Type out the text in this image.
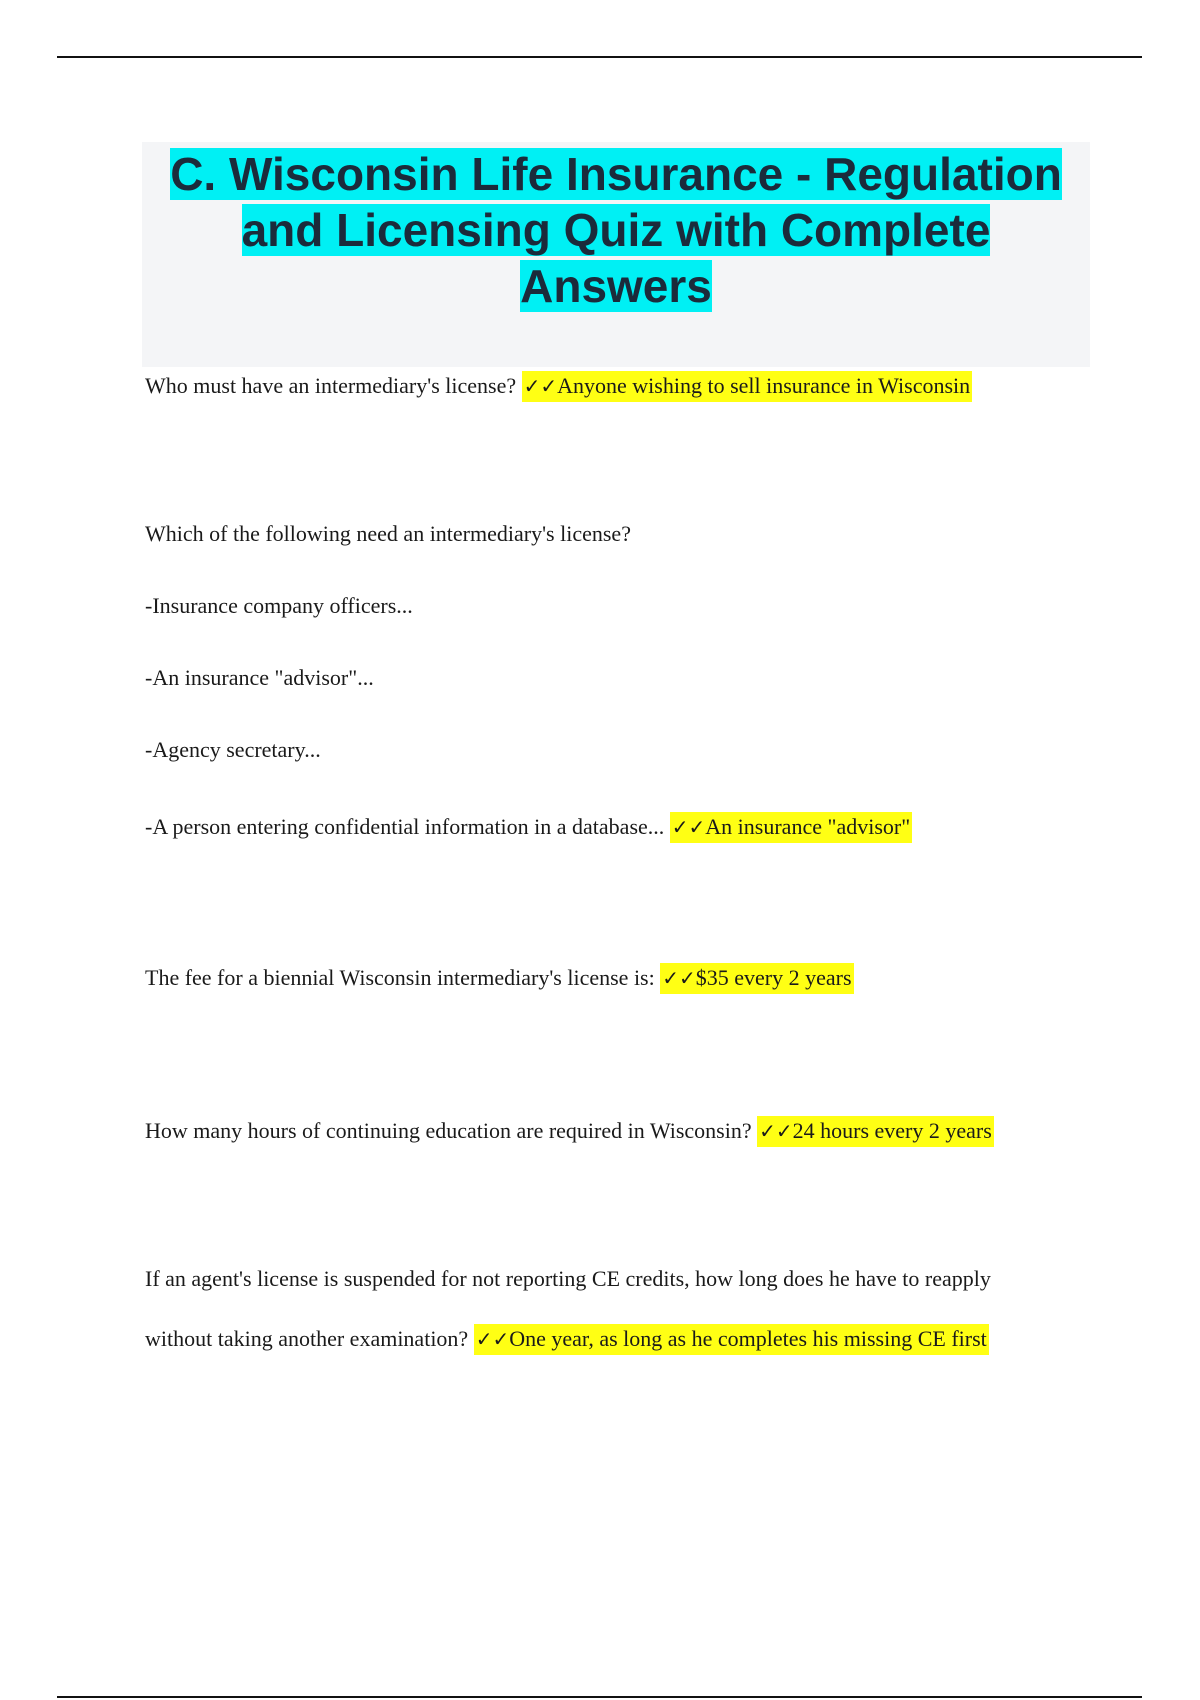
C. Wisconsin Life Insurance - Regulation and Licensing Quiz with Complete Answers

Who must have an intermediary's license? ✓✓Anyone wishing to sell insurance in Wisconsin

Which of the following need an intermediary's license?

-Insurance company officers...

-An insurance "advisor"...

-Agency secretary...

-A person entering confidential information in a database... ✓✓An insurance "advisor"

The fee for a biennial Wisconsin intermediary's license is: ✓✓$35 every 2 years

How many hours of continuing education are required in Wisconsin? ✓✓24 hours every 2 years

If an agent's license is suspended for not reporting CE credits, how long does he have to reapply

without taking another examination? ✓✓One year, as long as he completes his missing CE first
